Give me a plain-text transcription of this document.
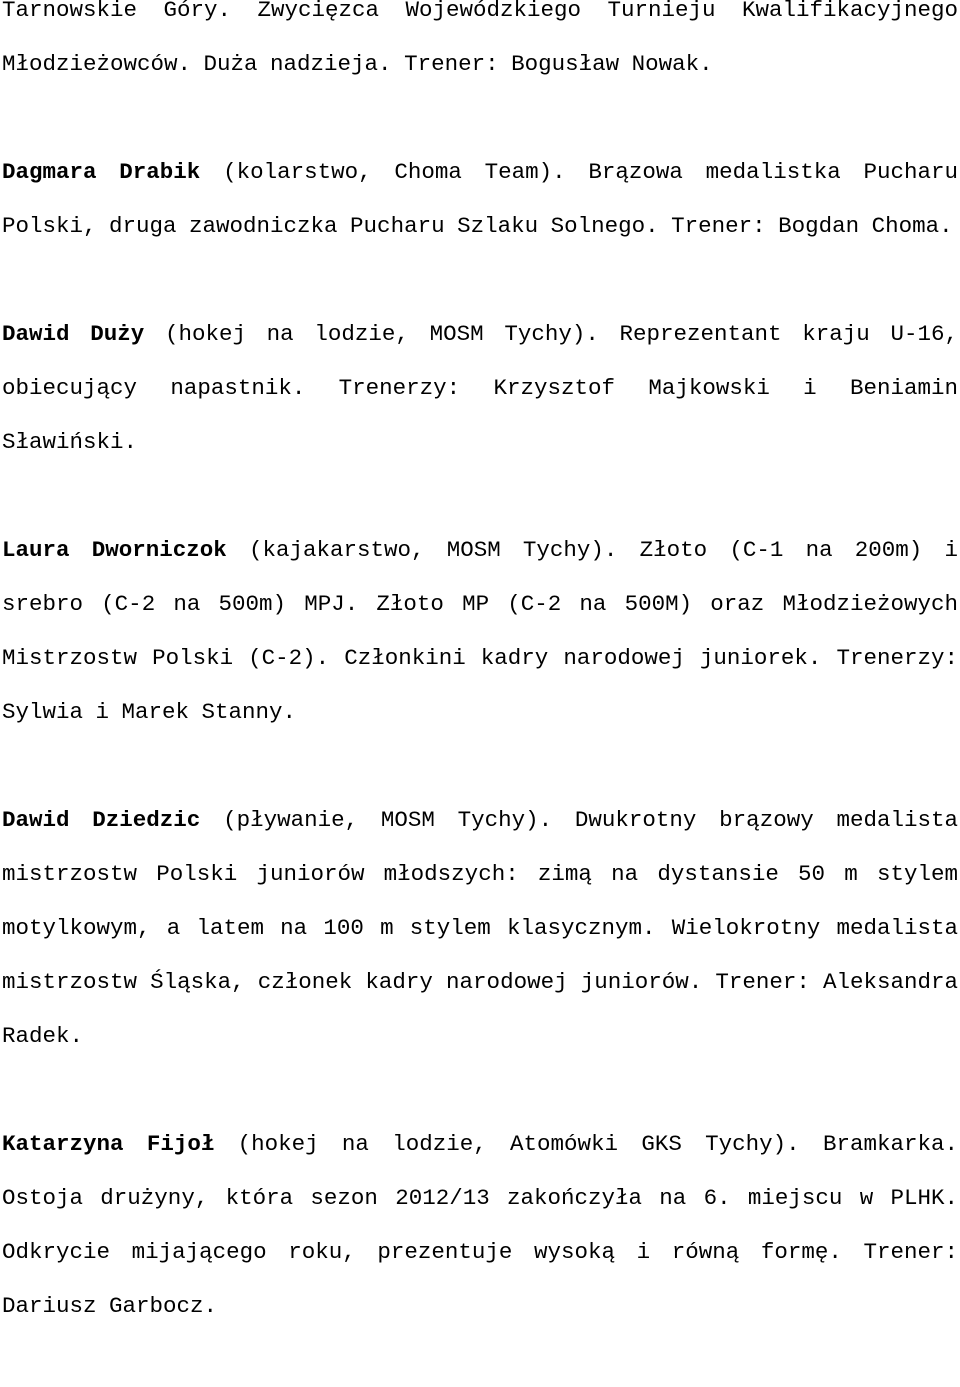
Tarnowskie Góry. Zwycięzca Wojewódzkiego Turnieju Kwalifikacyjnego Młodzieżowców. Duża nadzieja. Trener: Bogusław Nowak.

Dagmara Drabik (kolarstwo, Choma Team). Brązowa medalistka Pucharu Polski, druga zawodniczka Pucharu Szlaku Solnego. Trener: Bogdan Choma.

Dawid Duży (hokej na lodzie, MOSM Tychy). Reprezentant kraju U-16, obiecujący napastnik. Trenerzy: Krzysztof Majkowski i Beniamin Sławiński.

Laura Dworniczok (kajakarstwo, MOSM Tychy). Złoto (C-1 na 200m) i srebro (C-2 na 500m) MPJ. Złoto MP (C-2 na 500M) oraz Młodzieżowych Mistrzostw Polski (C-2). Członkini kadry narodowej juniorek. Trenerzy: Sylwia i Marek Stanny.

Dawid Dziedzic (pływanie, MOSM Tychy). Dwukrotny brązowy medalista mistrzostw Polski juniorów młodszych: zimą na dystansie 50 m stylem motylkowym, a latem na 100 m stylem klasycznym. Wielokrotny medalista mistrzostw Śląska, członek kadry narodowej juniorów. Trener: Aleksandra Radek.

Katarzyna Fijoł (hokej na lodzie, Atomówki GKS Tychy). Bramkarka. Ostoja drużyny, która sezon 2012/13 zakończyła na 6. miejscu w PLHK. Odkrycie mijającego roku, prezentuje wysoką i równą formę. Trener: Dariusz Garbocz.
